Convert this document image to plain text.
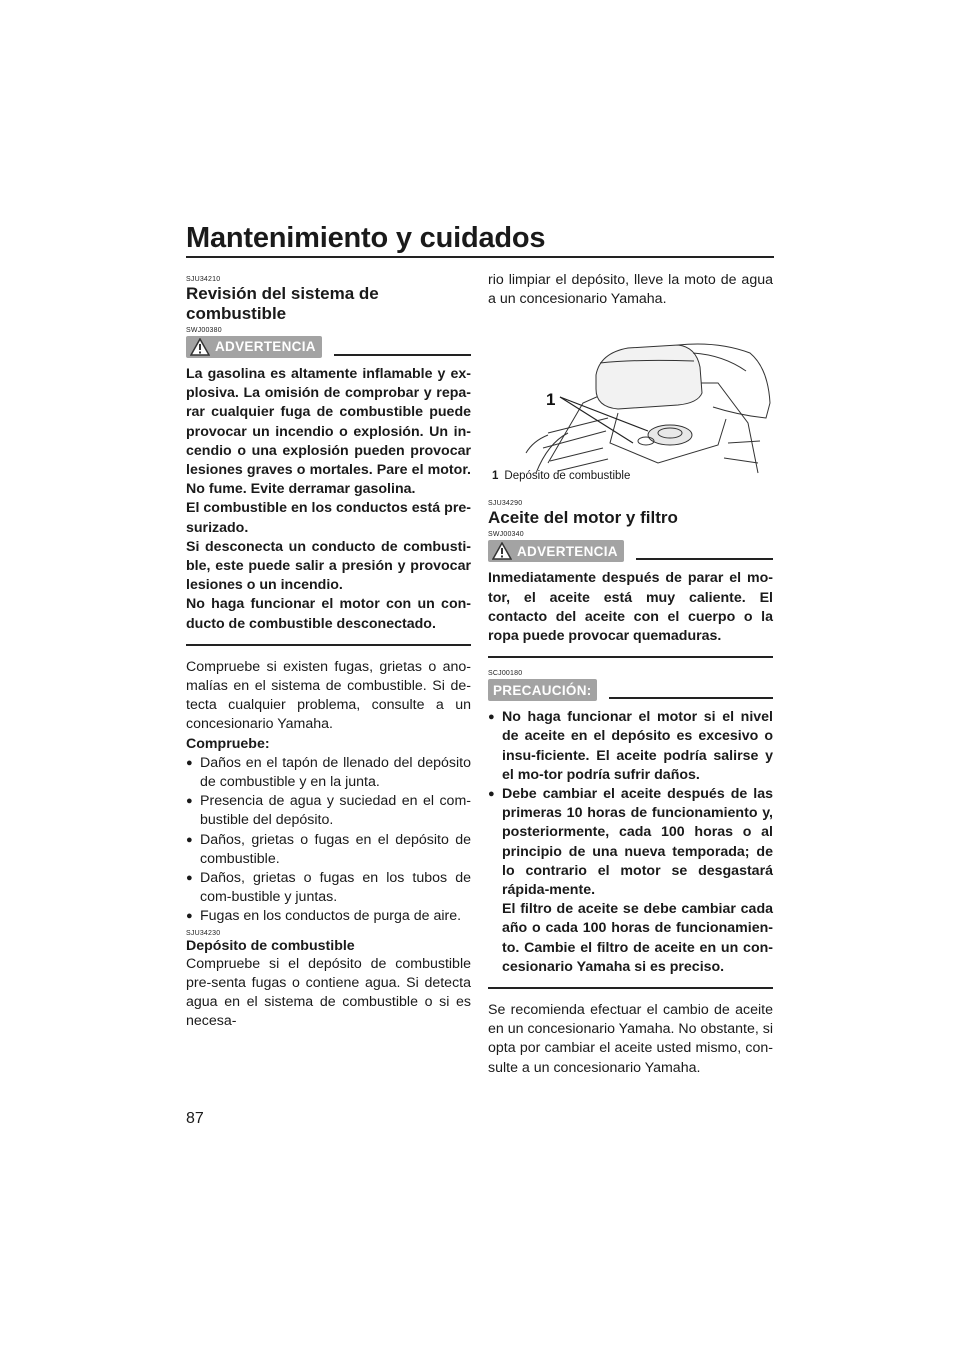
Mantenimiento y cuidados
SJU34210
Revisión del sistema de combustible
SWJ00380
ADVERTENCIA

La gasolina es altamente inflamable y ex-plosiva. La omisión de comprobar y repa-rar cualquier fuga de combustible puede provocar un incendio o explosión. Un in-cendio o una explosión pueden provocar lesiones graves o mortales. Pare el motor. No fume. Evite derramar gasolina.

El combustible en los conductos está pre-surizado.

Si desconecta un conducto de combusti-ble, este puede salir a presión y provocar lesiones o un incendio.

No haga funcionar el motor con un con-ducto de combustible desconectado.

Compruebe si existen fugas, grietas o ano-malías en el sistema de combustible. Si de-tecta cualquier problema, consulte a un concesionario Yamaha.

Compruebe:
● Daños en el tapón de llenado del depósito de combustible y en la junta.
● Presencia de agua y suciedad en el com-bustible del depósito.
● Daños, grietas o fugas en el depósito de combustible.
● Daños, grietas o fugas en los tubos de com-bustible y juntas.
● Fugas en los conductos de purga de aire.
SJU34230
Depósito de combustible

Compruebe si el depósito de combustible pre-senta fugas o contiene agua. Si detecta agua en el sistema de combustible o si es necesa-

rio limpiar el depósito, lleve la moto de agua a un concesionario Yamaha.

1
1 Depósito de combustible
SJU34290
Aceite del motor y filtro
SWJ00340
ADVERTENCIA

Inmediatamente después de parar el mo-tor, el aceite está muy caliente. El contacto del aceite con el cuerpo o la ropa puede provocar quemaduras.

SCJ00180
PRECAUCIÓN:
● No haga funcionar el motor si el nivel de aceite en el depósito es excesivo o insu-ficiente. El aceite podría salirse y el mo-tor podría sufrir daños.
● Debe cambiar el aceite después de las primeras 10 horas de funcionamiento y, posteriormente, cada 100 horas o al principio de una nueva temporada; de lo contrario el motor se desgastará rápida-mente.

El filtro de aceite se debe cambiar cada año o cada 100 horas de funcionamien-to. Cambie el filtro de aceite en un con-cesionario Yamaha si es preciso.

Se recomienda efectuar el cambio de aceite en un concesionario Yamaha. No obstante, si opta por cambiar el aceite usted mismo, con-sulte a un concesionario Yamaha.

87
